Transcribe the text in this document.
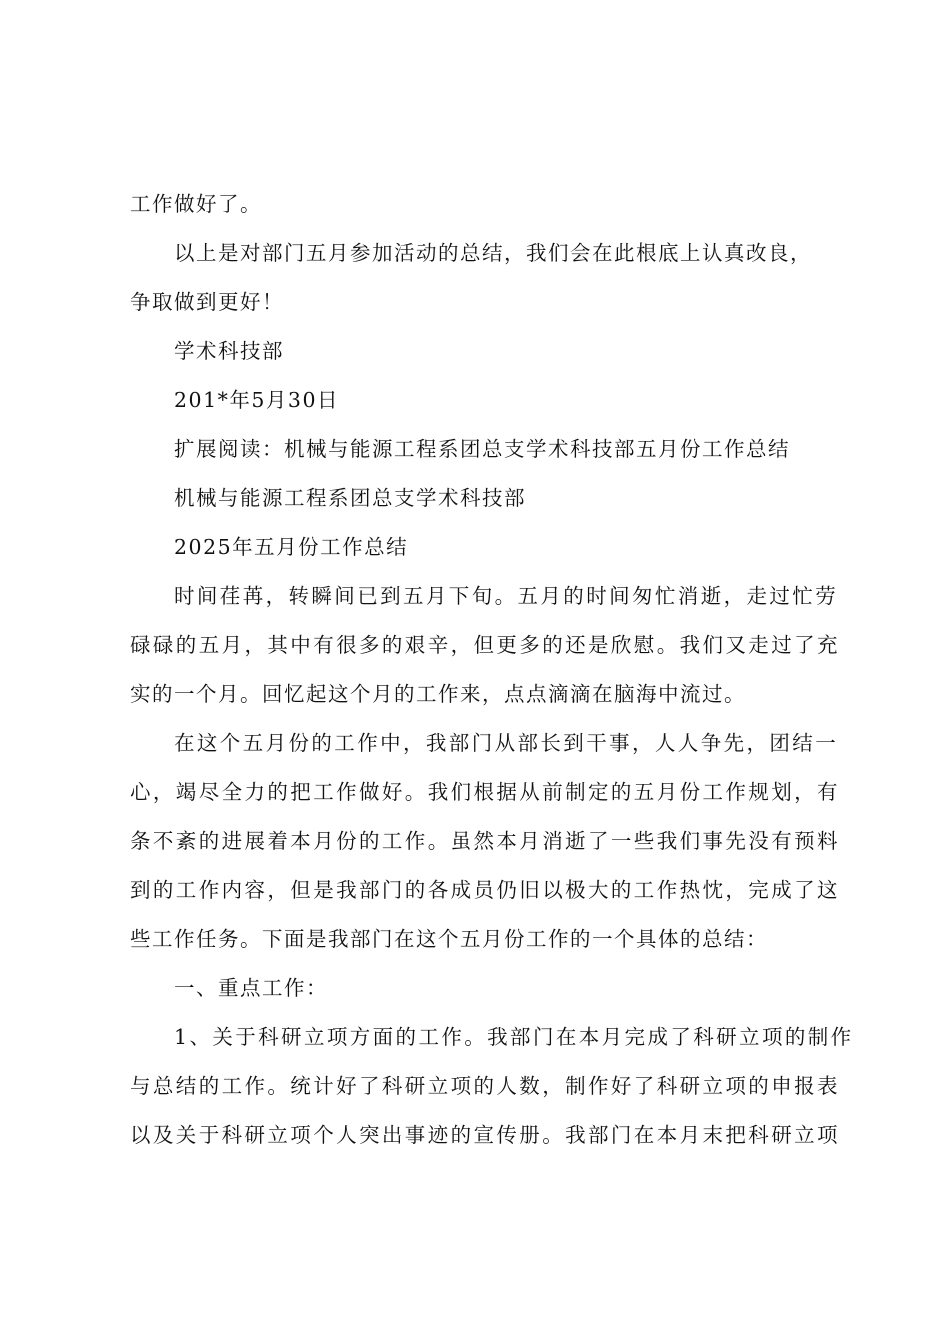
工作做好了。
以上是对部门五月参加活动的总结，我们会在此根底上认真改良，
争取做到更好！
学术科技部
201*年5月30日
扩展阅读：机械与能源工程系团总支学术科技部五月份工作总结
机械与能源工程系团总支学术科技部
2025年五月份工作总结
时间荏苒，转瞬间已到五月下旬。五月的时间匆忙消逝，走过忙劳
碌碌的五月，其中有很多的艰辛，但更多的还是欣慰。我们又走过了充
实的一个月。回忆起这个月的工作来，点点滴滴在脑海中流过。
在这个五月份的工作中，我部门从部长到干事，人人争先，团结一
心，竭尽全力的把工作做好。我们根据从前制定的五月份工作规划，有
条不紊的进展着本月份的工作。虽然本月消逝了一些我们事先没有预料
到的工作内容，但是我部门的各成员仍旧以极大的工作热忱，完成了这
些工作任务。下面是我部门在这个五月份工作的一个具体的总结：
一、重点工作：
1、关于科研立项方面的工作。我部门在本月完成了科研立项的制作
与总结的工作。统计好了科研立项的人数，制作好了科研立项的申报表
以及关于科研立项个人突出事迹的宣传册。我部门在本月末把科研立项
